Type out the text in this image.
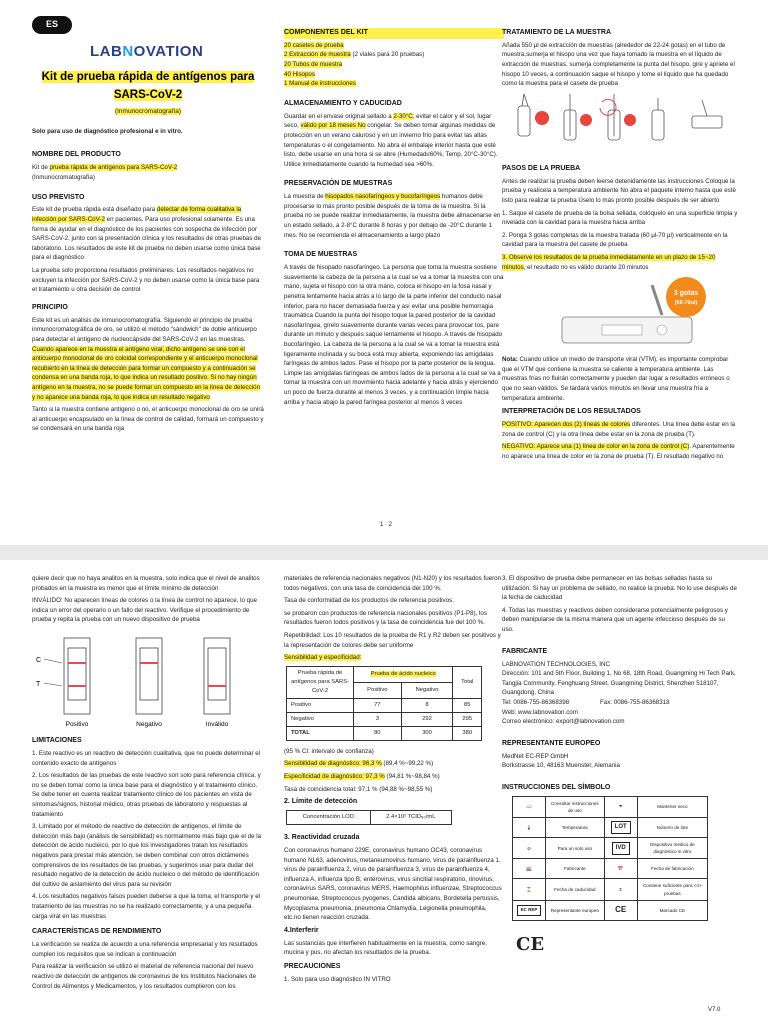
ES
LABNOVATION
Kit de prueba rápida de antígenos para
SARS-CoV-2
(Inmunocromatografía)

Solo para uso de diagnóstico profesional e in vitro.

NOMBRE DEL PRODUCTO

Kit de prueba rápida de antígenos para SARS-CoV-2
(Inmunocromatografía)

USO PREVISTO

Este kit de prueba rápida está diseñado para detectar de forma cualitativa la infección por SARS-CoV-2 en pacientes. Para uso profesional solamente. Es una forma de ayudar en el diagnóstico de los pacientes con sospecha de infección por SARS-CoV-2, junto con la presentación clínica y los resultados de otras pruebas de laboratorio. Los resultados de este kit de prueba no deben usarse como única base para el diagnóstico

La prueba solo proporciona resultados preliminares. Los resultados negativos no excluyen la infección por SARS-CoV-2 y no deben usarse como la única base para el tratamiento u otra decisión de control

PRINCIPIO

Este kit es un análisis de inmunocromatografía. Siguiendo el principio de prueba inmunocromatográfica de oro, se utilizó el método "sándwich" de doble anticuerpo para detectar el antígeno de nucleocápside del SARS-CoV-2 en las muestras. Cuando aparece en la muestra el antígeno viral, dicho antígeno se une con el anticuerpo monoclonal de oro coloidal correspondiente y el anticuerpo monoclonal recubierto en la línea de detección para formar un compuesto y a continuación se condensa en una banda roja, lo que indica un resultado positivo. Si no hay ningún antígeno en la muestra, no se puede formar un compuesto en la línea de detección y no aparece una banda roja, lo que indica un resultado negativo

Tanto si la muestra contiene antígeno o no, el anticuerpo monoclonal de oro se unirá al anticuerpo encapsulado en la línea de control de calidad, formará un compuesto y se condensará en una banda roja

COMPONENTES DEL KIT
20 casetes de prueba
2 Extracción de muestra (2 viales para 20 pruebas)
20 Tubos de muestra
40 Hisopos
1 Manual de instrucciones
ALMACENAMIENTO Y CADUCIDAD

Guardar en el envase original sellado a 2-30°C, evitar el calor y el sol, lugar seco, válido por 18 meses No congelar. Se deben tomar algunas medidas de protección en un verano caluroso y en un invierno frío para evitar las altas temperaturas o el congelamiento. No abra el embalaje interior hasta que esté listo, debe usarse en una hora si se abre (Humedad≤60%, Temp. 20°C-30°C). Utilice inmediatamente cuando la humedad sea >60%.

PRESERVACIÓN DE MUESTRAS

La muestra de hisopados nasofaríngeos y bucofaríngeos humanos debe procesarse lo más pronto posible después de la toma de la muestra. Si la prueba no se puede realizar inmediatamente, la muestra debe almacenarse en un estado sellado, a 2-8°C durante 8 horas y por debajo de -20°C durante 1 mes. No se recomienda el almacenamiento a largo plazo

TOMA DE MUESTRAS

A través de hisopado nasofaríngeo. La persona que toma la muestra sostiene suavemente la cabeza de la persona a la cual se va a tomar la muestra con una mano, sujeta el hisopo con la otra mano, coloca el hisopo en la fosa nasal y penetra lentamente hacia atrás a lo largo de la parte inferior del conducto nasal inferior, para no hacer demasiada fuerza y así evitar una posible hemorragia traumática Cuando la punta del hisopo toque la pared posterior de la cavidad nasofaríngea, gírelo suavemente durante varias veces para provocar tos, pare durante un minuto y después saque lentamente el hisopo. A través de hisopado bucofaríngeo. La cabeza de la persona a la cual se va a tomar la muestra está ligeramente inclinada y su boca está muy abierta, exponiendo las amígdalas faríngeas de ambos lados. Pase el hisopo por la parte posterior de la lengua. Limpie las amígdalas faríngeas de ambos lados de la persona a la cual se va a tomar la muestra con un movimiento hacia adelante y hacia atrás y ejerciendo un poco de fuerza durante al menos 3 veces, y a continuación limpie hacia arriba y hacia abajo la pared faríngea posterior al menos 3 veces

TRATAMIENTO DE LA MUESTRA

Añada 550 μl de extracción de muestras (alrededor de 22-24 gotas) en el tubo de muestra,sumerja el hisopo una vez que haya tomado la muestra en el líquido de extracción de muestras, sumerja completamente la punta del hisopo, gire y apriete el hisopo 10 veces, a continuación saque el hisopo y tome el líquido que ha quedado como la muestra para el casete de prueba

PASOS DE LA PRUEBA

Antes de realizar la prueba deben leerse detenidamente las instrucciones Coloque la prueba y realícela a temperatura ambiente No abra el paquete interno hasta que esté listo para realizar la prueba Úselo lo más pronto posible después de ser abierto

1. Saque el casete de prueba de la bolsa sellada, colóquelo en una superficie limpia y nivelada con la cavidad para la muestra hacia arriba

2. Ponga 3 gotas completas de la muestra tratada (60 μl-70 μl) verticalmente en la cavidad para la muestra del casete de prueba

3. Observe los resultados de la prueba inmediatamente en un plazo de 15~20 minutos, el resultado no es válido durante 20 minutos

3 gotas
(60-70ul)

Nota: Cuando utilice un medio de transporte viral (VTM), es importante comprobar que el VTM que contiene la muestra se caliente a temperatura ambiente. Las muestras frías no fluirán correctamente y pueden dar lugar a resultados erróneos o que no sean válidos. Se tardará varios minutos en llevar una muestra fría a temperatura ambiente.

INTERPRETACIÓN DE LOS RESULTADOS

POSITIVO: Aparecen dos (2) líneas de colores diferentes. Una línea debe estar en la zona de control (C) y la otra línea debe estar en la zona de prueba (T).

NEGATIVO: Aparece una (1) línea de color en la zona de control (C). Aparentemente no aparece una línea de color en la zona de prueba (T). El resultado negativo no

1 · 2

quiere decir que no haya analitos en la muestra, solo indica que el nivel de analitos probados en la muestra es menor que el límite mínimo de detección

INVÁLIDO: No aparecen líneas de colores o la línea de control no aparece, lo que indica un error del operario o un fallo del reactivo. Verifique el procedimiento de prueba y repita la prueba con un nuevo dispositivo de prueba

C
T
Positivo	Negativo	Inválido
LIMITACIONES

1. Este reactivo es un reactivo de detección cualitativa, que no puede determinar el contenido exacto de antígenos

2. Los resultados de las pruebas de este reactivo son solo para referencia clínica, y no se deben tomar como la única base para el diagnóstico y el tratamiento clínico. Se debe tener en cuenta realizar tratamiento clínico de los pacientes en vista de síntomas/signos, historial médico, otras pruebas de laboratorio y respuestas al tratamiento

3. Limitado por el método de reactivo de detección de antígenos, el límite de detección más bajo (análisis de sensibilidad) es normalmente más bajo que el de la detección de ácido nucleico, por lo que los investigadores tratan los resultados negativos para prestar más atención, se deben combinar con otros dictámenes comprensivos de los resultados de las pruebas, y sugerimos usar para dudar del resultado negativo de la detección de ácido nucleico o del método de identificación del cultivo de aislamiento del virus para su revisión

4. Los resultados negativos falsos pueden deberse a que la toma, el transporte y el tratamiento de las muestras no se ha realizado correctamente, y a una pequeña carga viral en las muestras

CARACTERÍSTICAS DE RENDIMIENTO

La verificación se realiza de acuerdo a una referencia empresarial y los resultados cumplen los requisitos que se indican a continuación

Para realizar la verificación se utilizó el material de referencia nacional del nuevo reactivo de detección de antígenos de coronavirus de los Institutos Nacionales de Control de Alimentos y Medicamentos, y los resultados cumplieron con los

materiales de referencia nacionales negativos (N1-N20) y los resultados fueron todos negativos, con una tasa de coincidencia del 100 %.

Tasa de conformidad de los productos de referencia positivos.

se probaron con productos de referencia nacionales positivos (P1-P8), los resultados fueron todos positivos y la tasa de coincidencia fue del 100 %.

Repetibilidad: Los 10 resultados de la prueba de R1 y R2 deben ser positivos y la representación de colores debe ser uniforme

Sensibilidad y especificidad:

Prueba rápida de antígenos para SARS-CoV-2	Prueba de ácido nucleico		Total
	Positivo	Negativo	
Positivo	77	8	85
Negativo	3	292	295
TOTAL	80	300	380

(95 % CI: intervalo de confianza)

Sensibilidad de diagnóstico: 96,3 % (89,4 %~99,22 %)

Especificidad de diagnóstico: 97,3 % (94,81 %~98,84 %)

Tasa de coincidencia total: 97,1 % (94,88 %~98,55 %)

2. Límite de detección
Concentración LOD	2.4×10² TCID₅₀/mL
3. Reactividad cruzada

Con coronavirus humano 229E, coronavirus humano OC43, coronavirus humano NL63, adenovirus, metaneumovirus humano, virus de parainfluenza 1, virus de parainfluenza 2, virus de parainfluenza 3, virus de parainfluenza 4, influenza A, influenza tipo B, enterovirus, virus sincitial respiratorio, rinovirus, coronavirus SARS, coronavirus MERS, Haemophilus influenzae, Streptococcus pneumoniae, Streptococcus pyogenes, Candida albicans, Bordetella pertussis, Mycoplasma pneumonia, pneumonia Chlamydia, Legionella pneumophila, etc.no tienen reacción cruzada.

4.Interferir

Las sustancias que interfieren habitualmente en la muestra, como sangre, mucina y pus, no afectan los resultados de la prueba.

PRECAUCIONES

1. Solo para uso diagnóstico IN VITRO

3. El dispositivo de prueba debe permanecer en las bolsas selladas hasta su utilización. Si hay un problema de sellado, no realice la prueba. No lo use después de la fecha de caducidad

4. Todas las muestras y reactivos deben considerarse potencialmente peligrosos y deben manipularse de la misma manera que un agente infeccioso después de su uso.

FABRICANTE

LABNOVATION TECHNOLOGIES, INC

Dirección: 101 and 5th Floor, Building 1, No 68, 18th Road, Guangming Hi Tech Park, Tangjia Community, Fenghuang Street, Guangming District, Shenzhen 518107, Guangdong, China

Tel: 0086-755-86368398                  Fax: 0086-755-86368318

Web: www.labnovation.com

Correo electrónico: export@labnovation.com

REPRESENTANTE EUROPEO

MedNet EC-REP GmbH

Borkstrasse 10, 48163 Muenster, Alemania

INSTRUCCIONES DEL SÍMBOLO
📖	Consultar instrucciones de uso	☂	Mantener seco
🌡	Temperatura	LOT	Número de lote
⊘	Para un solo uso	IVD	Dispositivo médico de diagnóstico in vitro
🏭	Fabricante	📅	Fecha de fabricación
⌛	Fecha de caducidad	Σ	Contiene suficiente para <n> pruebas
EC REP	Representante europeo	CE	Marcado CE
CE
V7.0
